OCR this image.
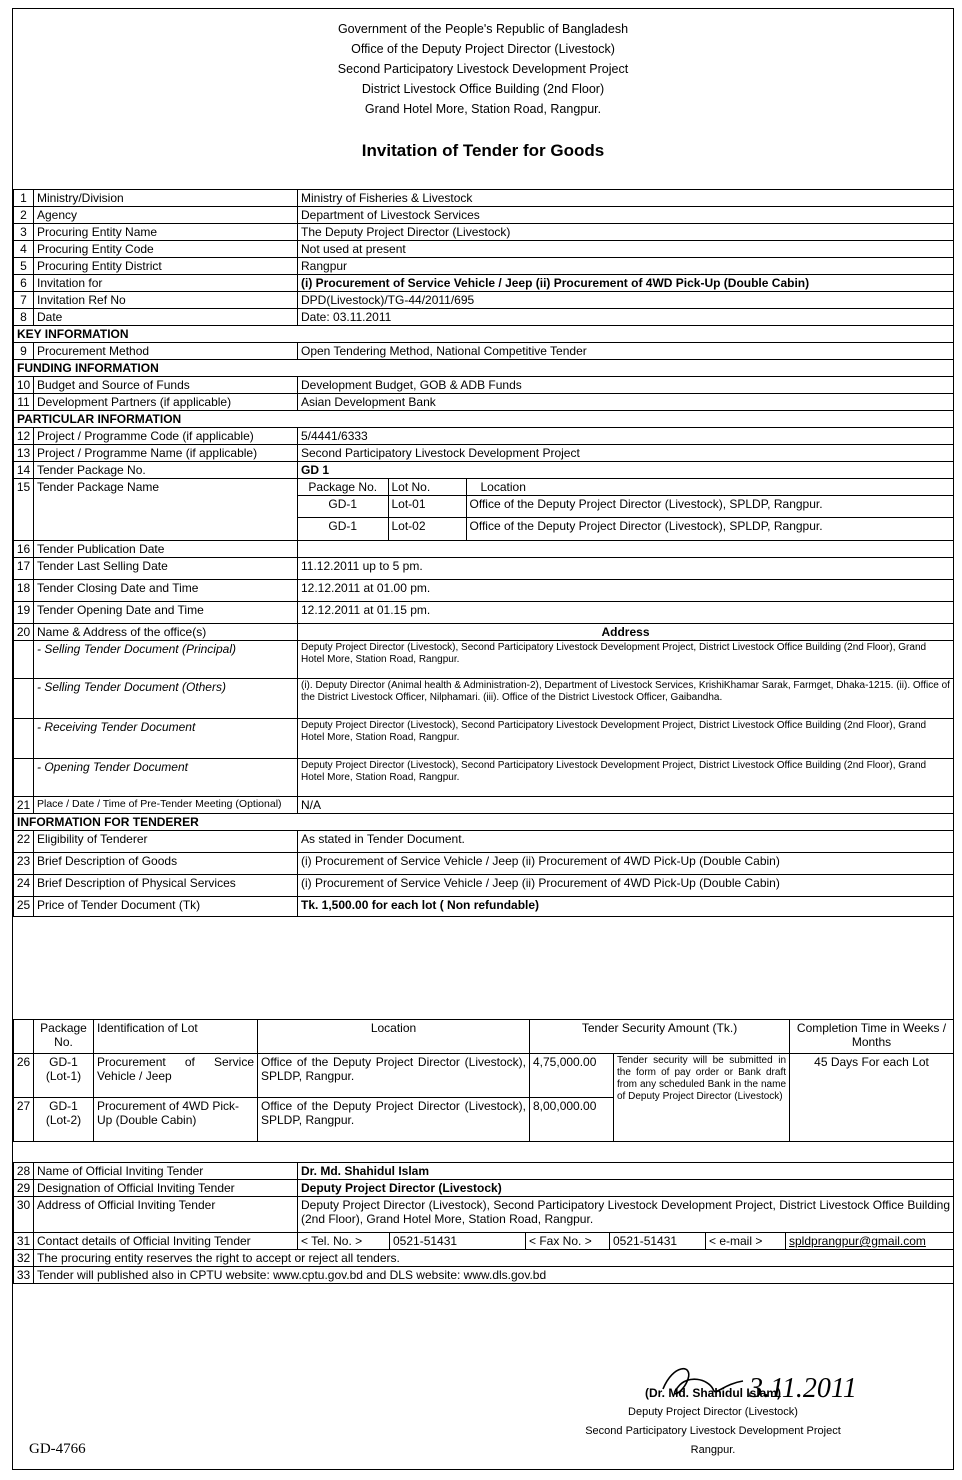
Government of the People's Republic of Bangladesh
Office of the Deputy Project Director (Livestock)
Second Participatory Livestock Development Project
District Livestock Office Building (2nd Floor)
Grand Hotel More, Station Road, Rangpur.
Invitation of Tender for Goods
1	Ministry/Division	Ministry of Fisheries & Livestock
2	Agency	Department of Livestock Services
3	Procuring Entity Name	The Deputy Project Director (Livestock)
4	Procuring Entity Code	Not used at present
5	Procuring Entity District	Rangpur
6	Invitation for	(i) Procurement of Service Vehicle / Jeep (ii) Procurement of 4WD Pick-Up (Double Cabin)
7	Invitation Ref No	DPD(Livestock)/TG-44/2011/695
8	Date	Date: 03.11.2011
KEY INFORMATION
9	Procurement Method	Open Tendering Method, National Competitive Tender
FUNDING INFORMATION
10	Budget and Source of Funds	Development Budget, GOB & ADB Funds
11	Development Partners (if applicable)	Asian Development Bank
PARTICULAR INFORMATION
12	Project / Programme Code (if applicable)	5/4441/6333
13	Project / Programme Name (if applicable)	Second Participatory Livestock Development Project
14	Tender Package No.	GD 1
15	Tender Package Name		Package No.	Lot No.	Location
GD-1	Lot-01	Office of the Deputy Project Director (Livestock), SPLDP, Rangpur.
GD-1	Lot-02	Office of the Deputy Project Director (Livestock), SPLDP, Rangpur.

16	Tender Publication Date	
17	Tender Last Selling Date	11.12.2011 up to 5 pm.
18	Tender Closing Date and Time	12.12.2011 at 01.00 pm.
19	Tender Opening Date and Time	12.12.2011 at 01.15 pm.
20	Name & Address of the office(s)	Address
	- Selling Tender Document (Principal)	Deputy Project Director (Livestock), Second Participatory Livestock Development Project, District Livestock Office Building (2nd Floor), Grand Hotel More, Station Road, Rangpur.
	- Selling Tender Document (Others)	(i). Deputy Director (Animal health & Administration-2), Department of Livestock Services, KrishiKhamar Sarak, Farmget, Dhaka-1215. (ii). Office of the District Livestock Officer, Nilphamari. (iii). Office of the District Livestock Officer, Gaibandha.
	- Receiving Tender Document	Deputy Project Director (Livestock), Second Participatory Livestock Development Project, District Livestock Office Building (2nd Floor), Grand Hotel More, Station Road, Rangpur.
	- Opening Tender Document	Deputy Project Director (Livestock), Second Participatory Livestock Development Project, District Livestock Office Building (2nd Floor), Grand Hotel More, Station Road, Rangpur.
21	Place / Date / Time of Pre-Tender Meeting (Optional)	N/A
INFORMATION FOR TENDERER
22	Eligibility of Tenderer	As stated in Tender Document.
23	Brief Description of Goods	(i) Procurement of Service Vehicle / Jeep (ii) Procurement of 4WD Pick-Up (Double Cabin)
24	Brief Description of Physical Services	(i) Procurement of Service Vehicle / Jeep (ii) Procurement of 4WD Pick-Up (Double Cabin)
25	Price of Tender Document (Tk)	Tk. 1,500.00 for each lot ( Non refundable)
	Package No.	Identification of Lot	Location	Tender Security Amount (Tk.)		Completion Time in Weeks / Months
26	GD-1 (Lot-1)	Procurement of Service Vehicle / Jeep	Office of the Deputy Project Director (Livestock), SPLDP, Rangpur.	4,75,000.00	Tender security will be submitted in the form of pay order or Bank draft from any scheduled Bank in the name of Deputy Project Director (Livestock)	45 Days For each Lot
27	GD-1 (Lot-2)	Procurement of 4WD Pick-Up (Double Cabin)	Office of the Deputy Project Director (Livestock), SPLDP, Rangpur.	8,00,000.00		
28	Name of Official Inviting Tender	Dr. Md. Shahidul Islam					
29	Designation of Official Inviting Tender	Deputy Project Director (Livestock)					
30	Address of Official Inviting Tender	Deputy Project Director (Livestock), Second Participatory Livestock Development Project, District Livestock Office Building (2nd Floor), Grand Hotel More, Station Road, Rangpur.					
31	Contact details of Official Inviting Tender	< Tel. No. >	0521-51431	< Fax No. >	0521-51431	< e-mail >	spldprangpur@gmail.com
32	The procuring entity reserves the right to accept or reject all tenders.						
33	Tender will published also in CPTU website: www.cptu.gov.bd and DLS website: www.dls.gov.bd						
3.11.2011
(Dr. Md. Shahidul Islam)
Deputy Project Director (Livestock)
Second Participatory Livestock Development Project
Rangpur.
GD-4766
